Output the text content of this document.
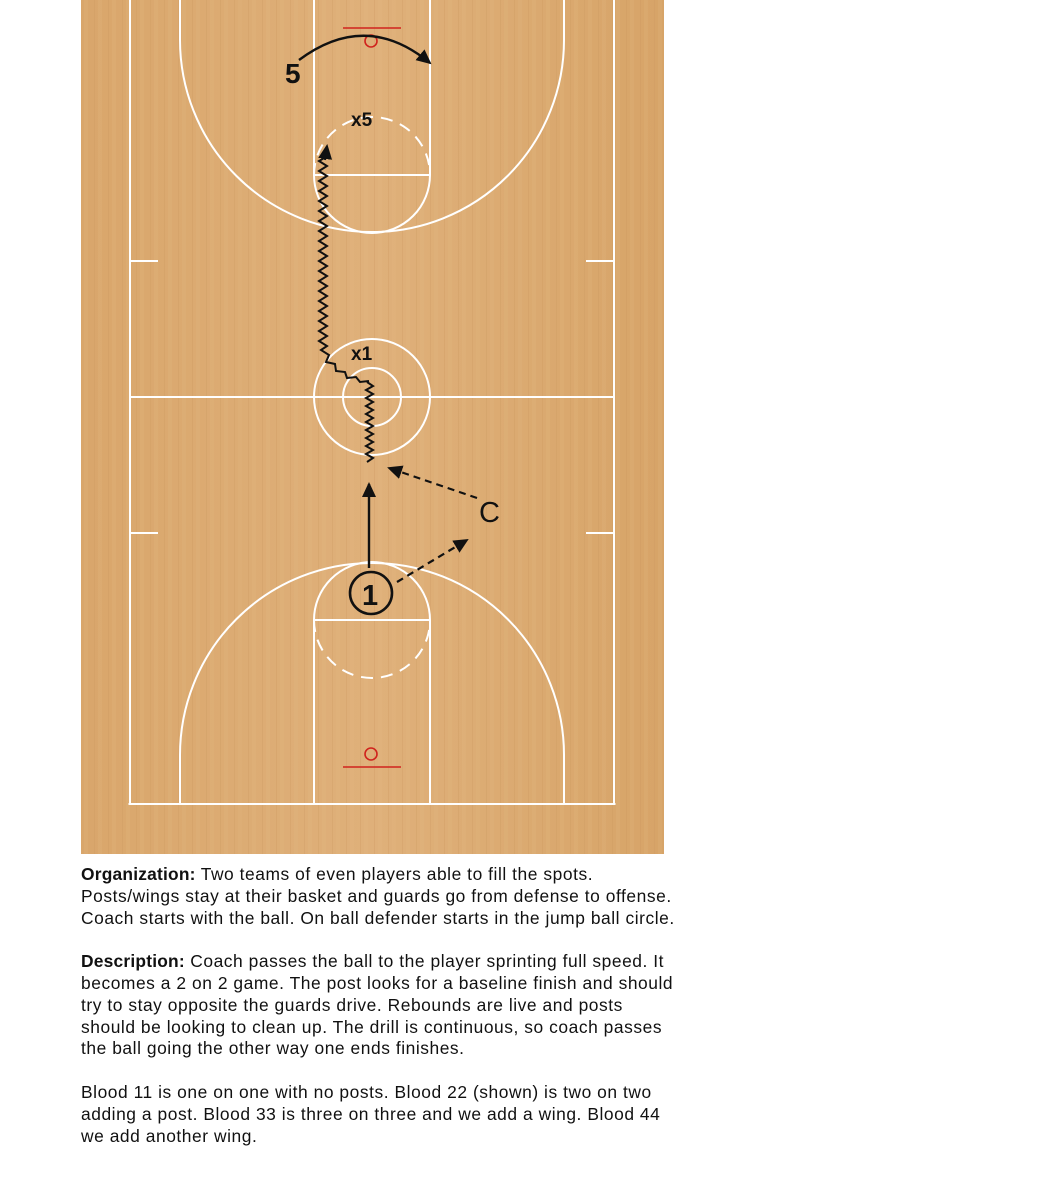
5
x5
x1
1
C

Organization: Two teams of even players able to fill the spots. Posts/wings stay at their basket and guards go from defense to offense. Coach starts with the ball. On ball defender starts in the jump ball circle.

Description: Coach passes the ball to the player sprinting full speed. It becomes a 2 on 2 game. The post looks for a baseline finish and should try to stay opposite the guards drive. Rebounds are live and posts should be looking to clean up. The drill is continuous, so coach passes the ball going the other way one ends finishes.

Blood 11 is one on one with no posts. Blood 22 (shown) is two on two adding a post. Blood 33 is three on three and we add a wing. Blood 44 we add another wing.
